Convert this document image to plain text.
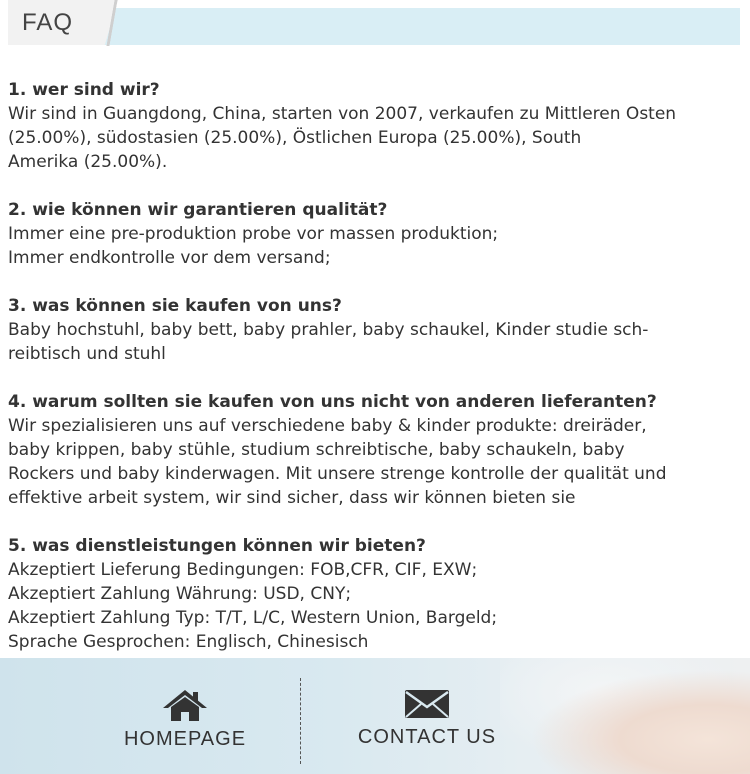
FAQ
1. wer sind wir?
Wir sind in Guangdong, China, starten von 2007, verkaufen zu Mittleren Osten
(25.00%), südostasien (25.00%), Östlichen Europa (25.00%), South
Amerika (25.00%).
2. wie können wir garantieren qualität?
Immer eine pre-produktion probe vor massen produktion;
Immer endkontrolle vor dem versand;
3. was können sie kaufen von uns?
Baby hochstuhl, baby bett, baby prahler, baby schaukel, Kinder studie sch-
reibtisch und stuhl
4. warum sollten sie kaufen von uns nicht von anderen lieferanten?
Wir spezialisieren uns auf verschiedene baby & kinder produkte: dreiräder,
baby krippen, baby stühle, studium schreibtische, baby schaukeln, baby
Rockers und baby kinderwagen. Mit unsere strenge kontrolle der qualität und
effektive arbeit system, wir sind sicher, dass wir können bieten sie
5. was dienstleistungen können wir bieten?
Akzeptiert Lieferung Bedingungen: FOB,CFR, CIF, EXW;
Akzeptiert Zahlung Währung: USD, CNY;
Akzeptiert Zahlung Typ: T/T, L/C, Western Union, Bargeld;
Sprache Gesprochen: Englisch, Chinesisch
HOMEPAGE	CONTACT US
